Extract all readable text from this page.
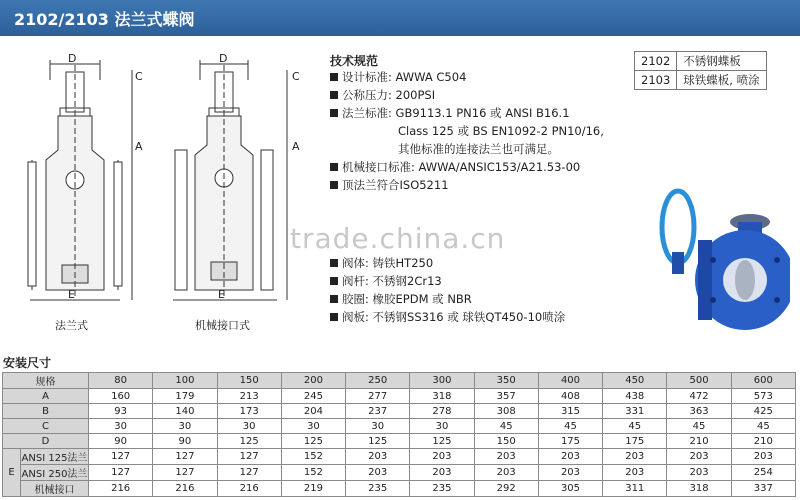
2102/2103 法兰式蝶阀
D
C
A
E
法兰式
D
C
A
E
机械接口式
技术规范
设计标准: AWWA C504
公称压力: 200PSI
法兰标准: GB9113.1 PN16 或 ANSI B16.1
Class 125 或 BS EN1092-2 PN10/16,
其他标准的连接法兰也可满足。
机械接口标准: AWWA/ANSIC153/A21.53-00
顶法兰符合ISO5211
阀体: 铸铁HT250
阀杆: 不锈钢2Cr13
胶圈: 橡胶EPDM 或 NBR
阀板: 不锈钢SS316 或 球铁QT450-10喷涂
trade.china.cn
2102	不锈钢蝶板
2103	球铁蝶板, 喷涂
安装尺寸
规格		80	100	150	200	250	300	350	400	450	500	600
A		160	179	213	245	277	318	357	408	438	472	573
B		93	140	173	204	237	278	308	315	331	363	425
C		30	30	30	30	30	30	45	45	45	45	45
D		90	90	125	125	125	125	150	175	175	210	210
E	ANSI 125法兰	127	127	127	152	203	203	203	203	203	203	203
	ANSI 250法兰	127	127	127	152	203	203	203	203	203	203	254
	机械接口	216	216	216	219	235	235	292	305	311	318	337
